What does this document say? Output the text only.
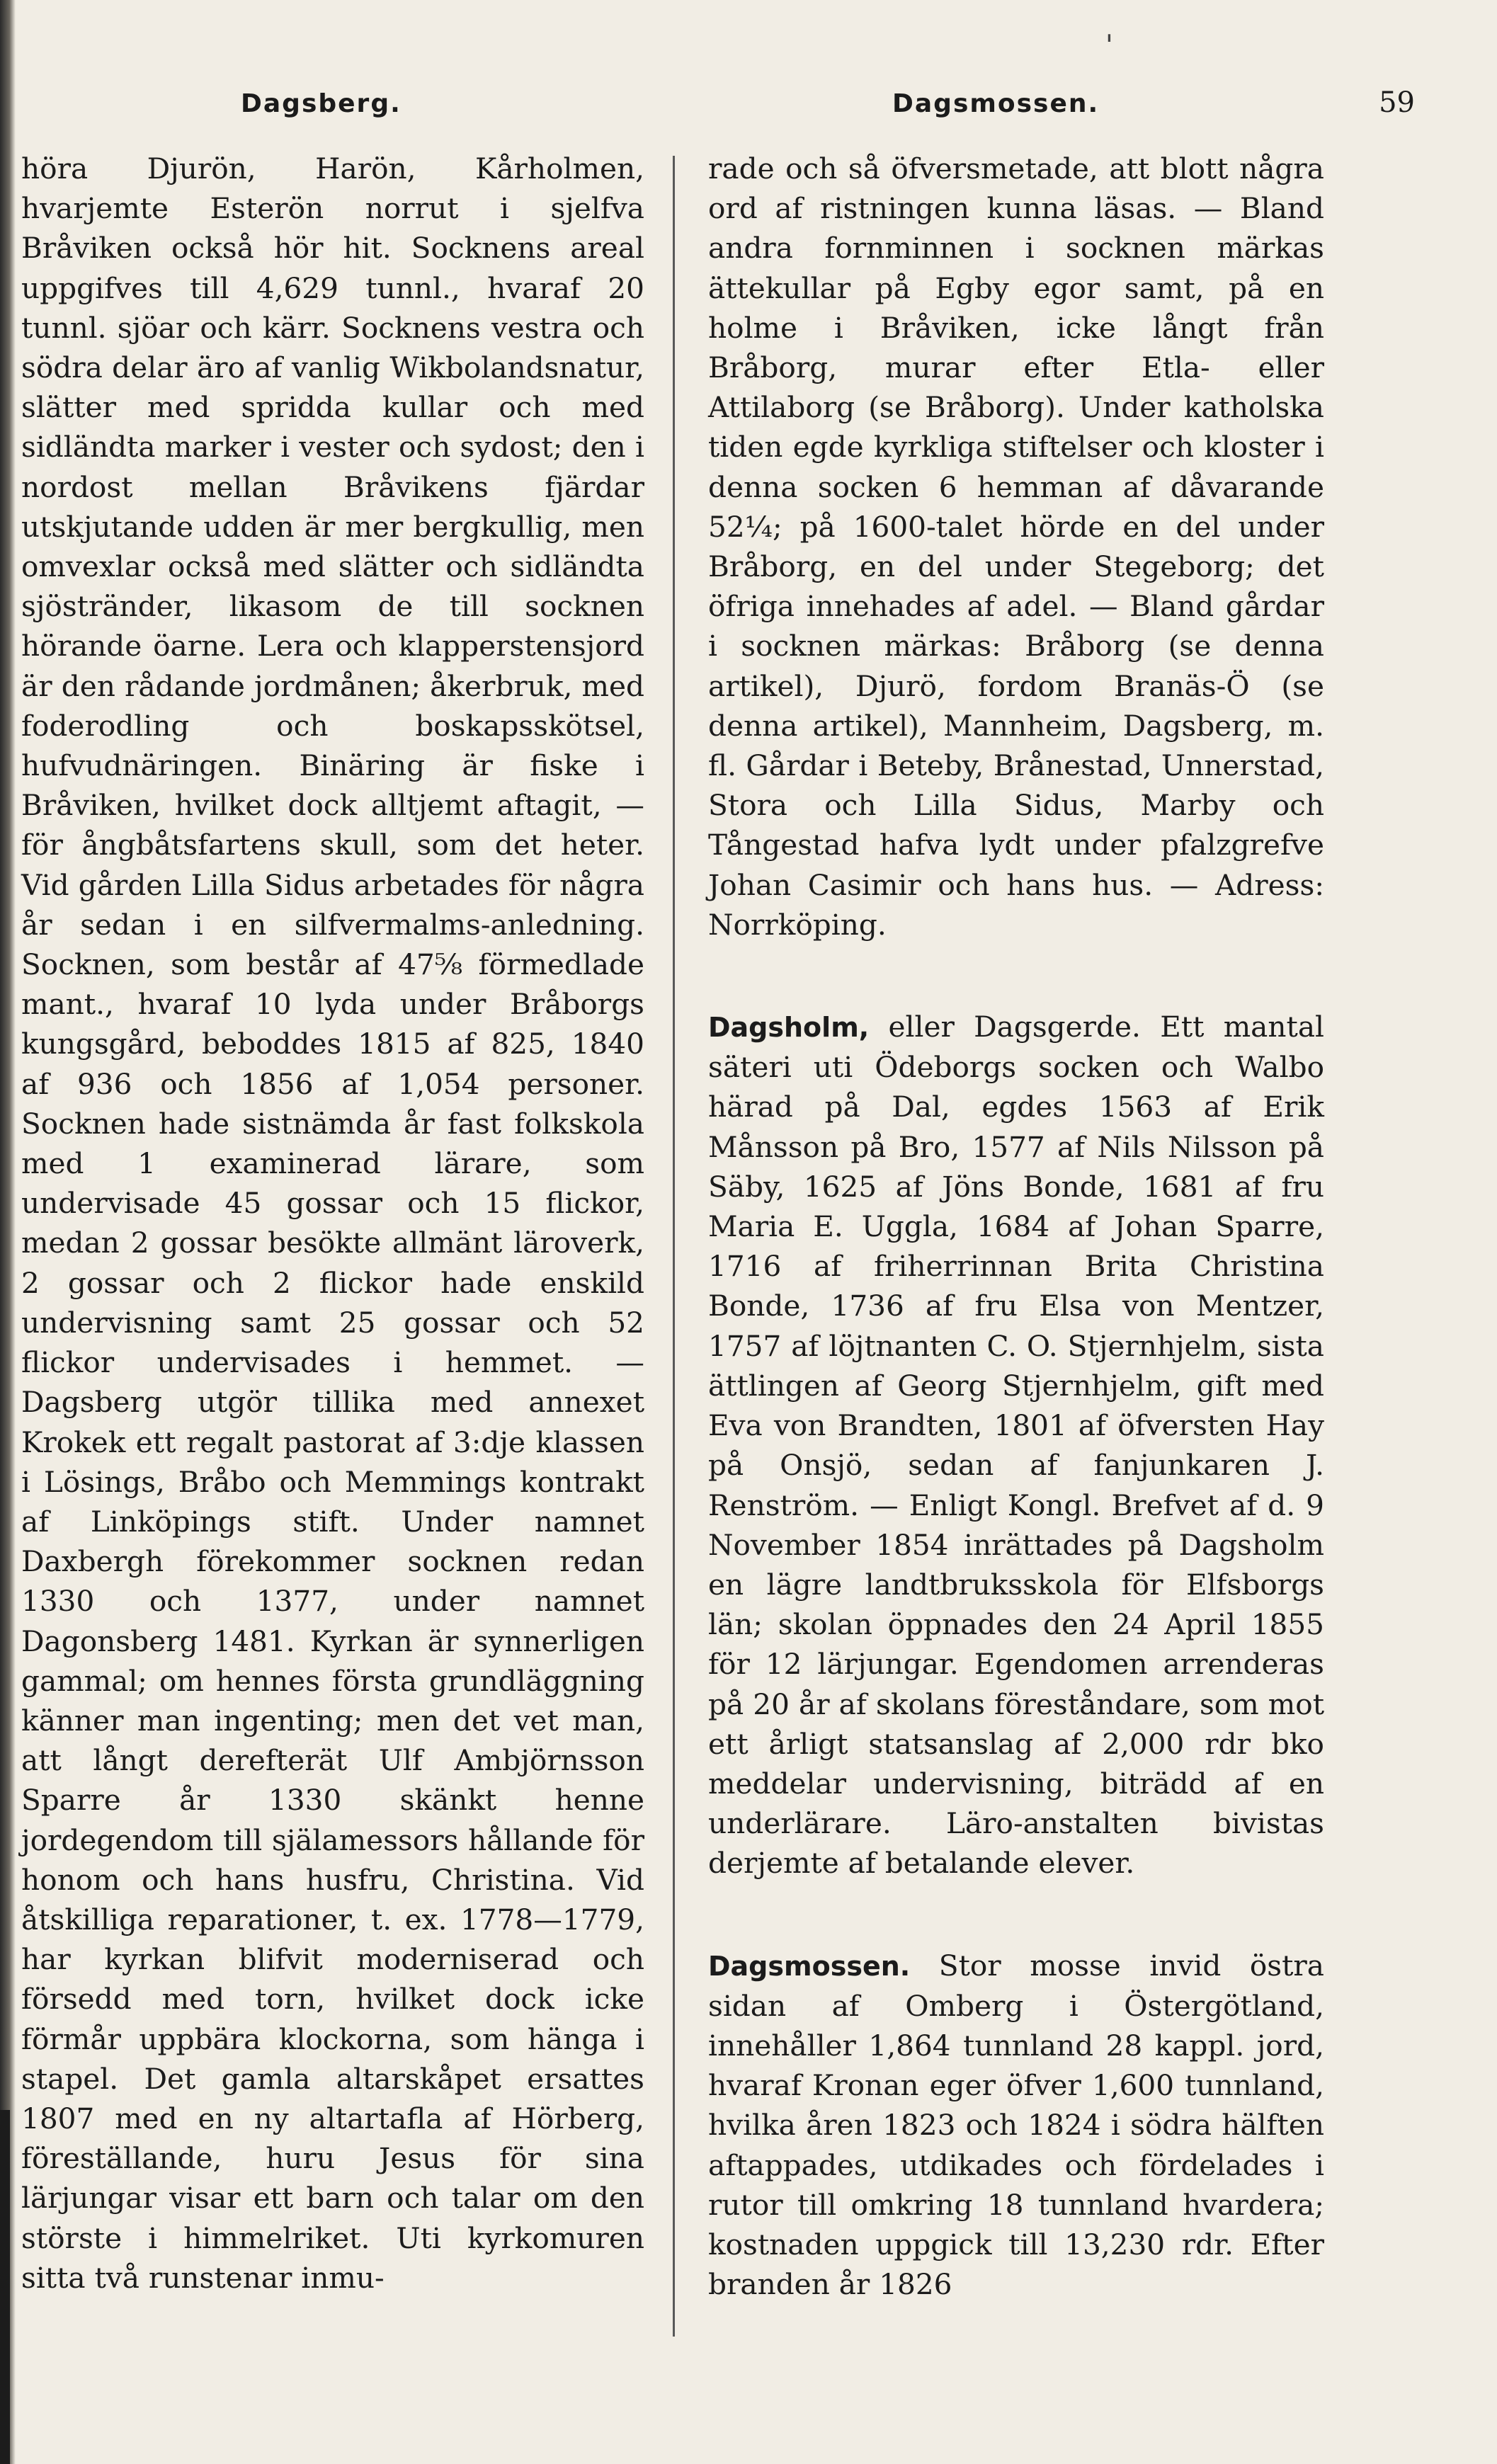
ˈ
Dagsberg.	Dagsmossen.	59

höra Djurön, Harön, Kårholmen, hvarjemte Esterön norrut i sjelfva Bråviken också hör hit. Socknens areal uppgifves till 4,629 tunnl., hvaraf 20 tunnl. sjöar och kärr. Socknens vestra och södra delar äro af vanlig Wikbolandsnatur, slätter med spridda kullar och med sidländta marker i vester och sydost; den i nordost mellan Bråvikens fjärdar utskjutande udden är mer bergkullig, men omvexlar också med slätter och sidländta sjöstränder, likasom de till socknen hörande öarne. Lera och klapperstensjord är den rådande jordmånen; åkerbruk, med foderodling och boskapsskötsel, hufvudnäringen. Binäring är fiske i Bråviken, hvilket dock alltjemt aftagit, — för ångbåtsfartens skull, som det heter. Vid gården Lilla Sidus arbetades för några år sedan i en silfvermalms-anledning. Socknen, som består af 47⅝ förmedlade mant., hvaraf 10 lyda under Bråborgs kungsgård, beboddes 1815 af 825, 1840 af 936 och 1856 af 1,054 personer. Socknen hade sistnämda år fast folkskola med 1 examinerad lärare, som undervisade 45 gossar och 15 flickor, medan 2 gossar besökte allmänt läroverk, 2 gossar och 2 flickor hade enskild undervisning samt 25 gossar och 52 flickor undervisades i hemmet. — Dagsberg utgör tillika med annexet Krokek ett regalt pastorat af 3:dje klassen i Lösings, Bråbo och Memmings kontrakt af Linköpings stift. Under namnet Daxbergh förekommer socknen redan 1330 och 1377, under namnet Dagonsberg 1481. Kyrkan är synnerligen gammal; om hennes första grundläggning känner man ingenting; men det vet man, att långt derefterät Ulf Ambjörnsson Sparre år 1330 skänkt henne jordegendom till själamessors hållande för honom och hans husfru, Christina. Vid åtskilliga reparationer, t. ex. 1778—1779, har kyrkan blifvit moderniserad och försedd med torn, hvilket dock icke förmår uppbära klockorna, som hänga i stapel. Det gamla altarskåpet ersattes 1807 med en ny altartafla af Hörberg, föreställande, huru Jesus för sina lärjungar visar ett barn och talar om den störste i himmelriket. Uti kyrkomuren sitta två runstenar inmu-

rade och så öfversmetade, att blott några ord af ristningen kunna läsas. — Bland andra fornminnen i socknen märkas ättekullar på Egby egor samt, på en holme i Bråviken, icke långt från Bråborg, murar efter Etla- eller Attilaborg (se Bråborg). Under katholska tiden egde kyrkliga stiftelser och kloster i denna socken 6 hemman af dåvarande 52¼; på 1600-talet hörde en del under Bråborg, en del under Stegeborg; det öfriga innehades af adel. — Bland gårdar i socknen märkas: Bråborg (se denna artikel), Djurö, fordom Branäs-Ö (se denna artikel), Mannheim, Dagsberg, m. fl. Gårdar i Beteby, Brånestad, Unnerstad, Stora och Lilla Sidus, Marby och Tångestad hafva lydt under pfalzgrefve Johan Casimir och hans hus. — Adress: Norrköping.

Dagsholm, eller Dagsgerde. Ett mantal säteri uti Ödeborgs socken och Walbo härad på Dal, egdes 1563 af Erik Månsson på Bro, 1577 af Nils Nilsson på Säby, 1625 af Jöns Bonde, 1681 af fru Maria E. Uggla, 1684 af Johan Sparre, 1716 af friherrinnan Brita Christina Bonde, 1736 af fru Elsa von Mentzer, 1757 af löjtnanten C. O. Stjernhjelm, sista ättlingen af Georg Stjernhjelm, gift med Eva von Brandten, 1801 af öfversten Hay på Onsjö, sedan af fanjunkaren J. Renström. — Enligt Kongl. Brefvet af d. 9 November 1854 inrättades på Dagsholm en lägre landtbruksskola för Elfsborgs län; skolan öppnades den 24 April 1855 för 12 lärjungar. Egendomen arrenderas på 20 år af skolans föreståndare, som mot ett årligt statsanslag af 2,000 rdr bko meddelar undervisning, biträdd af en underlärare. Läro-anstalten bivistas derjemte af betalande elever.

Dagsmossen. Stor mosse invid östra sidan af Omberg i Östergötland, innehåller 1,864 tunnland 28 kappl. jord, hvaraf Kronan eger öfver 1,600 tunnland, hvilka åren 1823 och 1824 i södra hälften aftappades, utdikades och fördelades i rutor till omkring 18 tunnland hvardera; kostnaden uppgick till 13,230 rdr. Efter branden år 1826
